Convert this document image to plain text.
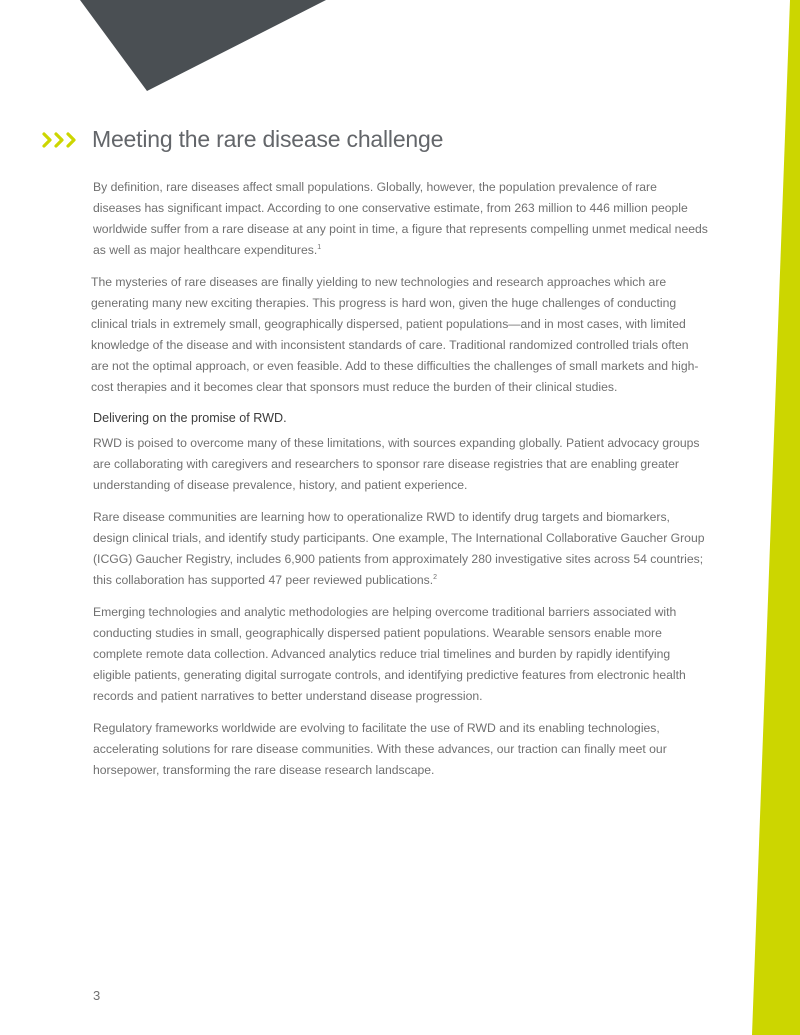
Meeting the rare disease challenge

By definition, rare diseases affect small populations. Globally, however, the population prevalence of rare diseases has significant impact. According to one conservative estimate, from 263 million to 446 million people worldwide suffer from a rare disease at any point in time, a figure that represents compelling unmet medical needs as well as major healthcare expenditures.$^1$

The mysteries of rare diseases are finally yielding to new technologies and research approaches which are generating many new exciting therapies. This progress is hard won, given the huge challenges of conducting clinical trials in extremely small, geographically dispersed, patient populations—and in most cases, with limited knowledge of the disease and with inconsistent standards of care. Traditional randomized controlled trials often are not the optimal approach, or even feasible. Add to these difficulties the challenges of small markets and high-cost therapies and it becomes clear that sponsors must reduce the burden of their clinical studies.

Delivering on the promise of RWD.

RWD is poised to overcome many of these limitations, with sources expanding globally. Patient advocacy groups are collaborating with caregivers and researchers to sponsor rare disease registries that are enabling greater understanding of disease prevalence, history, and patient experience.

Rare disease communities are learning how to operationalize RWD to identify drug targets and biomarkers, design clinical trials, and identify study participants. One example, The International Collaborative Gaucher Group (ICGG) Gaucher Registry, includes 6,900 patients from approximately 280 investigative sites across 54 countries; this collaboration has supported 47 peer reviewed publications.$^2$

Emerging technologies and analytic methodologies are helping overcome traditional barriers associated with conducting studies in small, geographically dispersed patient populations. Wearable sensors enable more complete remote data collection. Advanced analytics reduce trial timelines and burden by rapidly identifying eligible patients, generating digital surrogate controls, and identifying predictive features from electronic health records and patient narratives to better understand disease progression.

Regulatory frameworks worldwide are evolving to facilitate the use of RWD and its enabling technologies, accelerating solutions for rare disease communities. With these advances, our traction can finally meet our horsepower, transforming the rare disease research landscape.

3
